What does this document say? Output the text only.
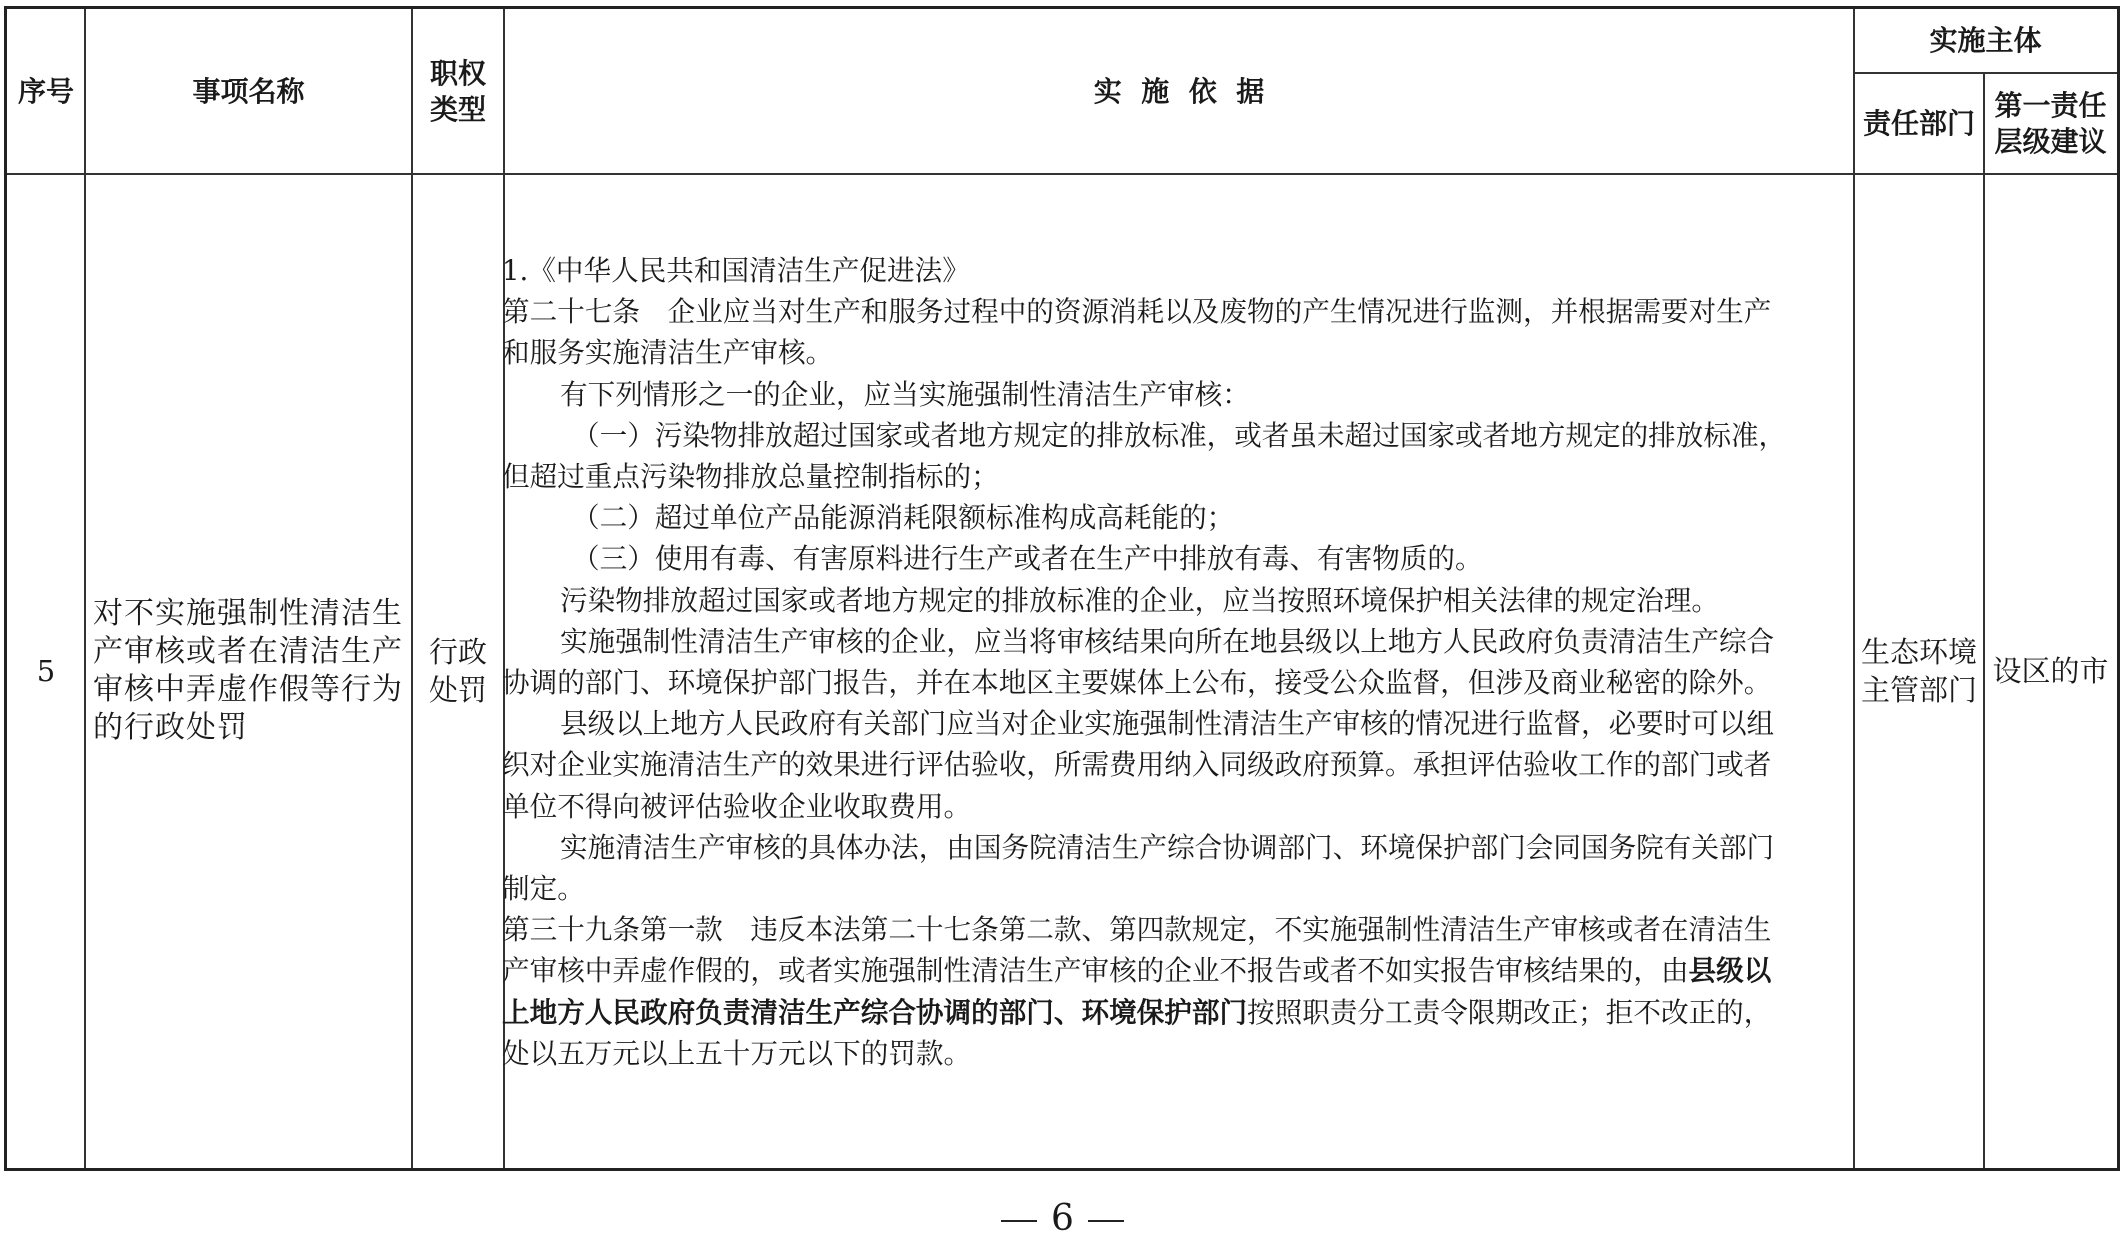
序号	事项名称
职权
类型
实  施  依  据
实施主体
责任部门
第一责任
层级建议
5
对不实施强制性清洁生产审核或者在清洁生产审核中弄虚作假等行为的行政处罚
行政
处罚
生态环境
主管部门
设区的市

1.《中华人民共和国清洁生产促进法》

第二十七条　企业应当对生产和服务过程中的资源消耗以及废物的产生情况进行监测，并根据需要对生产

和服务实施清洁生产审核。

有下列情形之一的企业，应当实施强制性清洁生产审核：

（一）污染物排放超过国家或者地方规定的排放标准，或者虽未超过国家或者地方规定的排放标准，

但超过重点污染物排放总量控制指标的；

（二）超过单位产品能源消耗限额标准构成高耗能的；

（三）使用有毒、有害原料进行生产或者在生产中排放有毒、有害物质的。

污染物排放超过国家或者地方规定的排放标准的企业，应当按照环境保护相关法律的规定治理。

实施强制性清洁生产审核的企业，应当将审核结果向所在地县级以上地方人民政府负责清洁生产综合

协调的部门、环境保护部门报告，并在本地区主要媒体上公布，接受公众监督，但涉及商业秘密的除外。

县级以上地方人民政府有关部门应当对企业实施强制性清洁生产审核的情况进行监督，必要时可以组

织对企业实施清洁生产的效果进行评估验收，所需费用纳入同级政府预算。承担评估验收工作的部门或者

单位不得向被评估验收企业收取费用。

实施清洁生产审核的具体办法，由国务院清洁生产综合协调部门、环境保护部门会同国务院有关部门

制定。

第三十九条第一款　违反本法第二十七条第二款、第四款规定，不实施强制性清洁生产审核或者在清洁生

产审核中弄虚作假的，或者实施强制性清洁生产审核的企业不报告或者不如实报告审核结果的，由县级以

上地方人民政府负责清洁生产综合协调的部门、环境保护部门按照职责分工责令限期改正；拒不改正的，

处以五万元以上五十万元以下的罚款。

6
